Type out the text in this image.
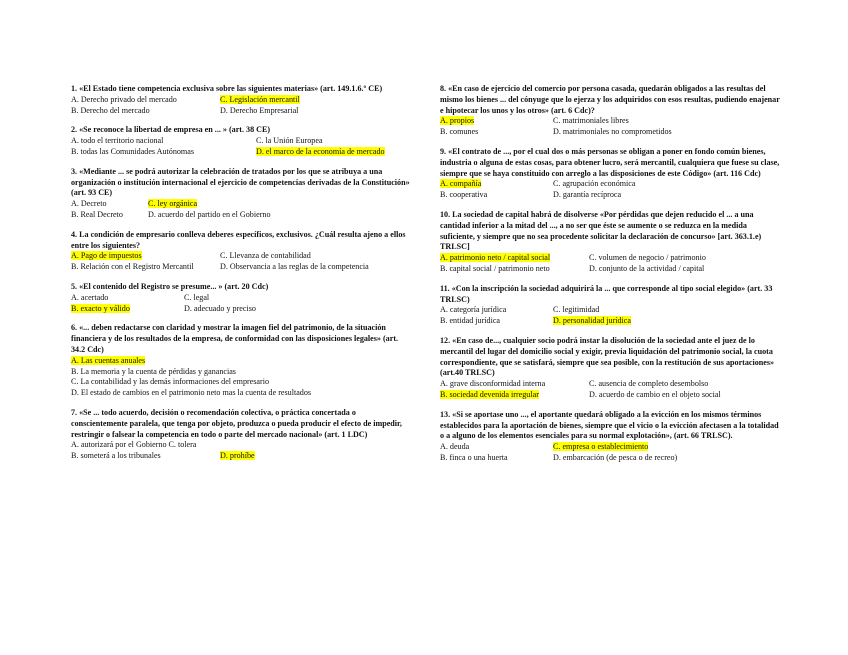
1. «El Estado tiene competencia exclusiva sobre las siguientes materias» (art. 149.1.6.º CE)
A. Derecho privado del mercado	C. Legislación mercantil
B. Derecho del mercado	D. Derecho Empresarial
2. «Se reconoce la libertad de empresa en ... » (art. 38 CE)
A. todo el territorio nacional	C. la Unión Europea
B. todas las Comunidades Autónomas	D. el marco de la economía de mercado
3. «Mediante ... se podrá autorizar la celebración de tratados por los que se atribuya a una organización o institución internacional el ejercicio de competencias derivadas de la Constitución» (art. 93 CE)
A. Decreto	C. ley orgánica
B. Real Decreto	D. acuerdo del partido en el Gobierno
4. La condición de empresario conlleva deberes específicos, exclusivos. ¿Cuál resulta ajeno a ellos entre los siguientes?
A. Pago de impuestos	C. Llevanza de contabilidad
B. Relación con el Registro Mercantil	D. Observancia a las reglas de la competencia
5. «El contenido del Registro se presume... » (art. 20 Cdc)
A. acertado	C. legal
B. exacto y válido	D. adecuado y preciso
6. «... deben redactarse con claridad y mostrar la imagen fiel del patrimonio, de la situación financiera y de los resultados de la empresa, de conformidad con las disposiciones legales» (art. 34.2 Cdc)
A. Las cuentas anuales
B. La memoria y la cuenta de pérdidas y ganancias
C. La contabilidad y las demás informaciones del empresario
D. El estado de cambios en el patrimonio neto mas la cuenta de resultados
7. «Se ... todo acuerdo, decisión o recomendación colectiva, o práctica concertada o conscientemente paralela, que tenga por objeto, produzca o pueda producir el efecto de impedir, restringir o falsear la competencia en todo o parte del mercado nacional» (art. 1 LDC)
A. autorizará por el Gobierno C. tolera
B. someterá a los tribunales	D. prohíbe
8. «En caso de ejercicio del comercio por persona casada, quedarán obligados a las resultas del mismo los bienes ... del cónyuge que lo ejerza y los adquiridos con esos resultas, pudiendo enajenar e hipotecar los unos y los otros» (art. 6 Cdc)?
A. propios	C. matrimoniales libres
B. comunes	D. matrimoniales no comprometidos
9. «El contrato de ..., por el cual dos o más personas se obligan a poner en fondo común bienes, industria o alguna de estas cosas, para obtener lucro, será mercantil, cualquiera que fuese su clase, siempre que se haya constituido con arreglo a las disposiciones de este Código» (art. 116 Cdc)
A. compañía	C. agrupación económica
B. cooperativa	D. garantía recíproca
10. La sociedad de capital habrá de disolverse «Por pérdidas que dejen reducido el ... a una cantidad inferior a la mitad del ..., a no ser que éste se aumente o se reduzca en la medida suficiente, y siempre que no sea procedente solicitar la declaración de concurso» [art. 363.1.e) TRLSC]
A. patrimonio neto / capital social	C. volumen de negocio / patrimonio
B. capital social / patrimonio neto	D. conjunto de la actividad / capital
11. «Con la inscripción la sociedad adquirirá la ... que corresponde al tipo social elegido» (art. 33 TRLSC)
A. categoría jurídica	C. legitimidad
B. entidad jurídica	D. personalidad jurídica
12. «En caso de..., cualquier socio podrá instar la disolución de la sociedad ante el juez de lo mercantil del lugar del domicilio social y exigir, previa liquidación del patrimonio social, la cuota correspondiente, que se satisfará, siempre que sea posible, con la restitución de sus aportaciones» (art.40 TRLSC)
A. grave disconformidad interna	C. ausencia de completo desembolso
B. sociedad devenida irregular	D. acuerdo de cambio en el objeto social
13. «Si se aportase uno ..., el aportante quedará obligado a la evicción en los mismos términos establecidos para la aportación de bienes, siempre que el vicio o la evicción afectasen a la totalidad o a alguno de los elementos esenciales para su normal explotación», (art. 66 TRLSC).
A. deuda	C. empresa o establecimiento
B. finca o una huerta	D. embarcación (de pesca o de recreo)
